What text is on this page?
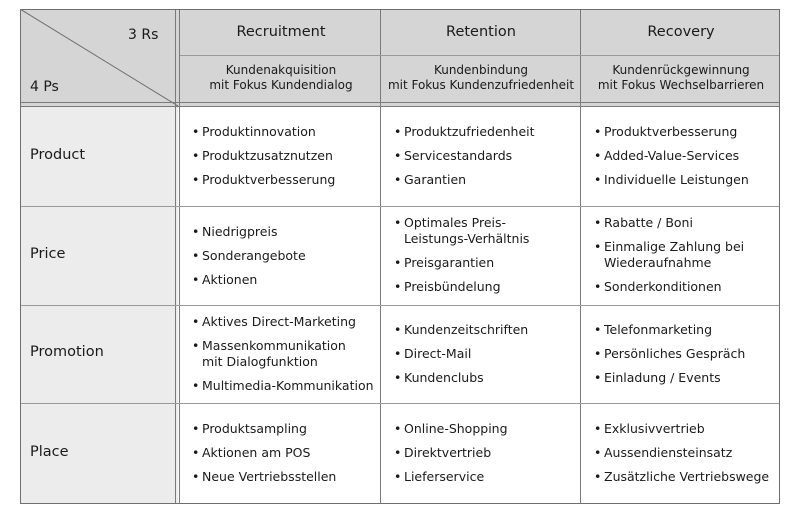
3 Rs
4 Ps
Recruitment	Retention	Recovery
Kundenakquisition
mit Fokus Kundendialog
Kundenbindung
mit Fokus Kundenzufriedenheit
Kundenrückgewinnung
mit Fokus Wechselbarrieren
Product
Price
Promotion
Place
• Produktinnovation
• Produktzusatznutzen
• Produktverbesserung
• Produktzufriedenheit
• Servicestandards
• Garantien
• Produktverbesserung
• Added-Value-Services
• Individuelle Leistungen
• Niedrigpreis
• Sonderangebote
• Aktionen
• Optimales Preis-
Leistungs-Verhältnis
• Preisgarantien
• Preisbündelung
• Rabatte / Boni
• Einmalige Zahlung bei
Wiederaufnahme
• Sonderkonditionen
• Aktives Direct-Marketing
• Massenkommunikation
mit Dialogfunktion
• Multimedia-Kommunikation
• Kundenzeitschriften
• Direct-Mail
• Kundenclubs
• Telefonmarketing
• Persönliches Gespräch
• Einladung / Events
• Produktsampling
• Aktionen am POS
• Neue Vertriebsstellen
• Online-Shopping
• Direktvertrieb
• Lieferservice
• Exklusivvertrieb
• Aussendiensteinsatz
• Zusätzliche Vertriebswege
